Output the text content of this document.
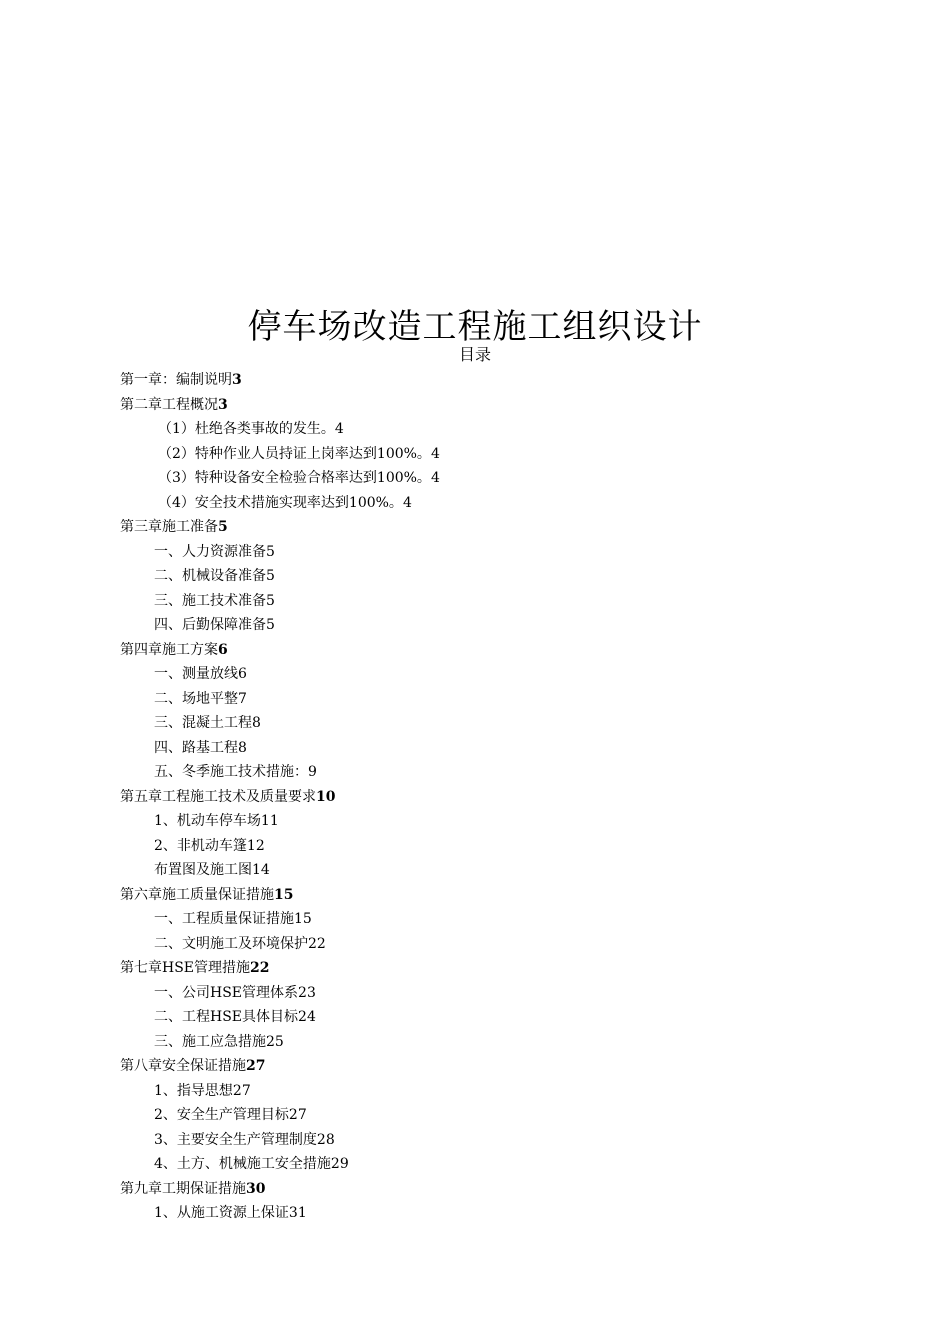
停车场改造工程施工组织设计
目录
第一章：编制说明3
第二章工程概况3
（1）杜绝各类事故的发生。4
（2）特种作业人员持证上岗率达到100%。4
（3）特种设备安全检验合格率达到100%。4
（4）安全技术措施实现率达到100%。4
第三章施工准备5
一、人力资源准备5
二、机械设备准备5
三、施工技术准备5
四、后勤保障准备5
第四章施工方案6
一、测量放线6
二、场地平整7
三、混凝土工程8
四、路基工程8
五、冬季施工技术措施：9
第五章工程施工技术及质量要求10
1、机动车停车场11
2、非机动车篷12
布置图及施工图14
第六章施工质量保证措施15
一、工程质量保证措施15
二、文明施工及环境保护22
第七章HSE管理措施22
一、公司HSE管理体系23
二、工程HSE具体目标24
三、施工应急措施25
第八章安全保证措施27
1、指导思想27
2、安全生产管理目标27
3、主要安全生产管理制度28
4、土方、机械施工安全措施29
第九章工期保证措施30
1、从施工资源上保证31
